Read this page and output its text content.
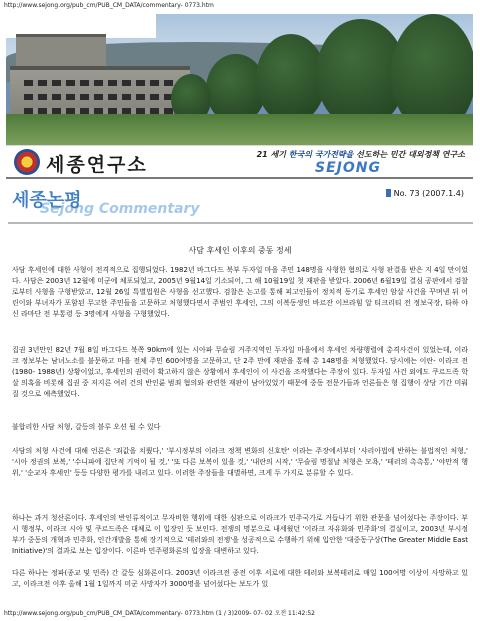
http://www.sejong.org/pub_cm/PUB_CM_DATA/commentary- 0773.htm
세종연구소	21 세기 한국의 국가전략을 선도하는 민간 대외정책 연구소
SEJONG
Sejong Commentary
세종논평	No. 73 (2007.1.4)
사담 후세인 이후의 중동 정세

사담 후세인에 대한 사형이 전격적으로 집행되었다. 1982년 바그다드 북부 두자일 마을 주민 148명을 사형한 혐의로 사형 판결을 받은 지 4일 만이었다. 사담은 2003년 12월에 미군에 체포되었고, 2005년 9월14일 기소되어, 그 해 10월19일 첫 재판을 받았다. 2006년 6월19일 결심 공판에서 검찰로부터 사형을 구형받았고, 12월 26일 특별법원은 사형을 선고했다. 검찰은 논고를 통해 피고인들이 정치적 동기로 후세인 암살 사건을 꾸며낸 뒤 어린이와 부녀자가 포함된 무고한 주민들을 고문하고 처형했다면서 주범인 후세인, 그의 이복동생인 바르잔 이브라힘 알 티크리티 전 정보국장, 타하 야신 라마단 전 부통령 등 3명에게 사형을 구형했었다.

집권 3년만인 82년 7월 8일 바그다드 북쪽 90km에 있는 시아파 무슬림 거주지역인 두자일 마을에서 후세인 차량행렬에 총격사건이 있었는데, 이라크 정보부는 남녀노소를 불문하고 마을 전체 주민 600여명을 고문하고, 단 2주 만에 재판을 통해 총 148명을 처형했었다. 당시에는 이란- 이라크 전(1980- 1988년) 상황이었고, 후세인의 권력이 확고하지 않은 상황에서 후세인이 이 사건을 조작했다는 주장이 있다. 두자일 사건 외에도 쿠르드족 학살 의혹을 비롯해 집권 중 저지른 여러 건의 반인륜 범죄 혐의와 관련한 재판이 남아있었기 때문에 중동 전문가들과 언론들은 형 집행이 상당 기간 미뤄질 것으로 예측했었다.

불합리한 사담 처형, 갈등의 블루 오션 될 수 있다

사담의 처형 사건에 대해 언론은 '죄값을 치뤘다,' '부시정부의 이라크 정책 변화의 신호탄' 이라는 주장에서부터 '샤리아법에 반하는 불법적인 처형,' '시아 정권의 보복,' '수니파에 집단적 기억이 될 것,' '또 다른 보복이 있을 것,' '내란의 시작,' '무슬림 명절날 처형은 모욕,' '테러의 촉촉통,' '야만적 행위,' '순교자 후세인' 등등 다양한 평가를 내리고 있다. 이러한 주장들을 대별하면, 크게 두 가지로 분류할 수 있다.

하나는 과거 청산론이다. 후세인의 반인류적이고 무자비한 행위에 대한 심판으로 이라크가 민주국가로 거듭나기 위한 관문을 넘어섰다는 주장이다. 부시 행정부, 이라크 시아 및 쿠르드족은 대체로 이 입장인 듯 보인다. 전쟁의 명분으로 내세웠던 '이라크 자유화와 민주화'의 결실이고, 2003년 부시정부가 중동의 개혁과 민주화, 인간개발을 통해 장기적으로 '테러와의 전쟁'을 성공적으로 수행하기 위해 입안한 '대중동구상(The Greater Middle East Initiative)'의 결과로 보는 입장이다. 이른바 민주평화론의 입장을 대변하고 있다.

다른 하나는 정파(종교 및 민족) 간 갈등 심화론이다. 2003년 이라크전 종전 이후 서로에 대한 테러와 보복테러로 매일 100여명 이상이 사망하고 있고, 이라크전 이후 올해 1월 1일까지 미군 사망자가 3000명을 넘어섰다는 보도가 있

http://www.sejong.org/pub_cm/PUB_CM_DATA/commentary- 0773.htm (1 / 3)2009- 07- 02 오전 11:42:52
